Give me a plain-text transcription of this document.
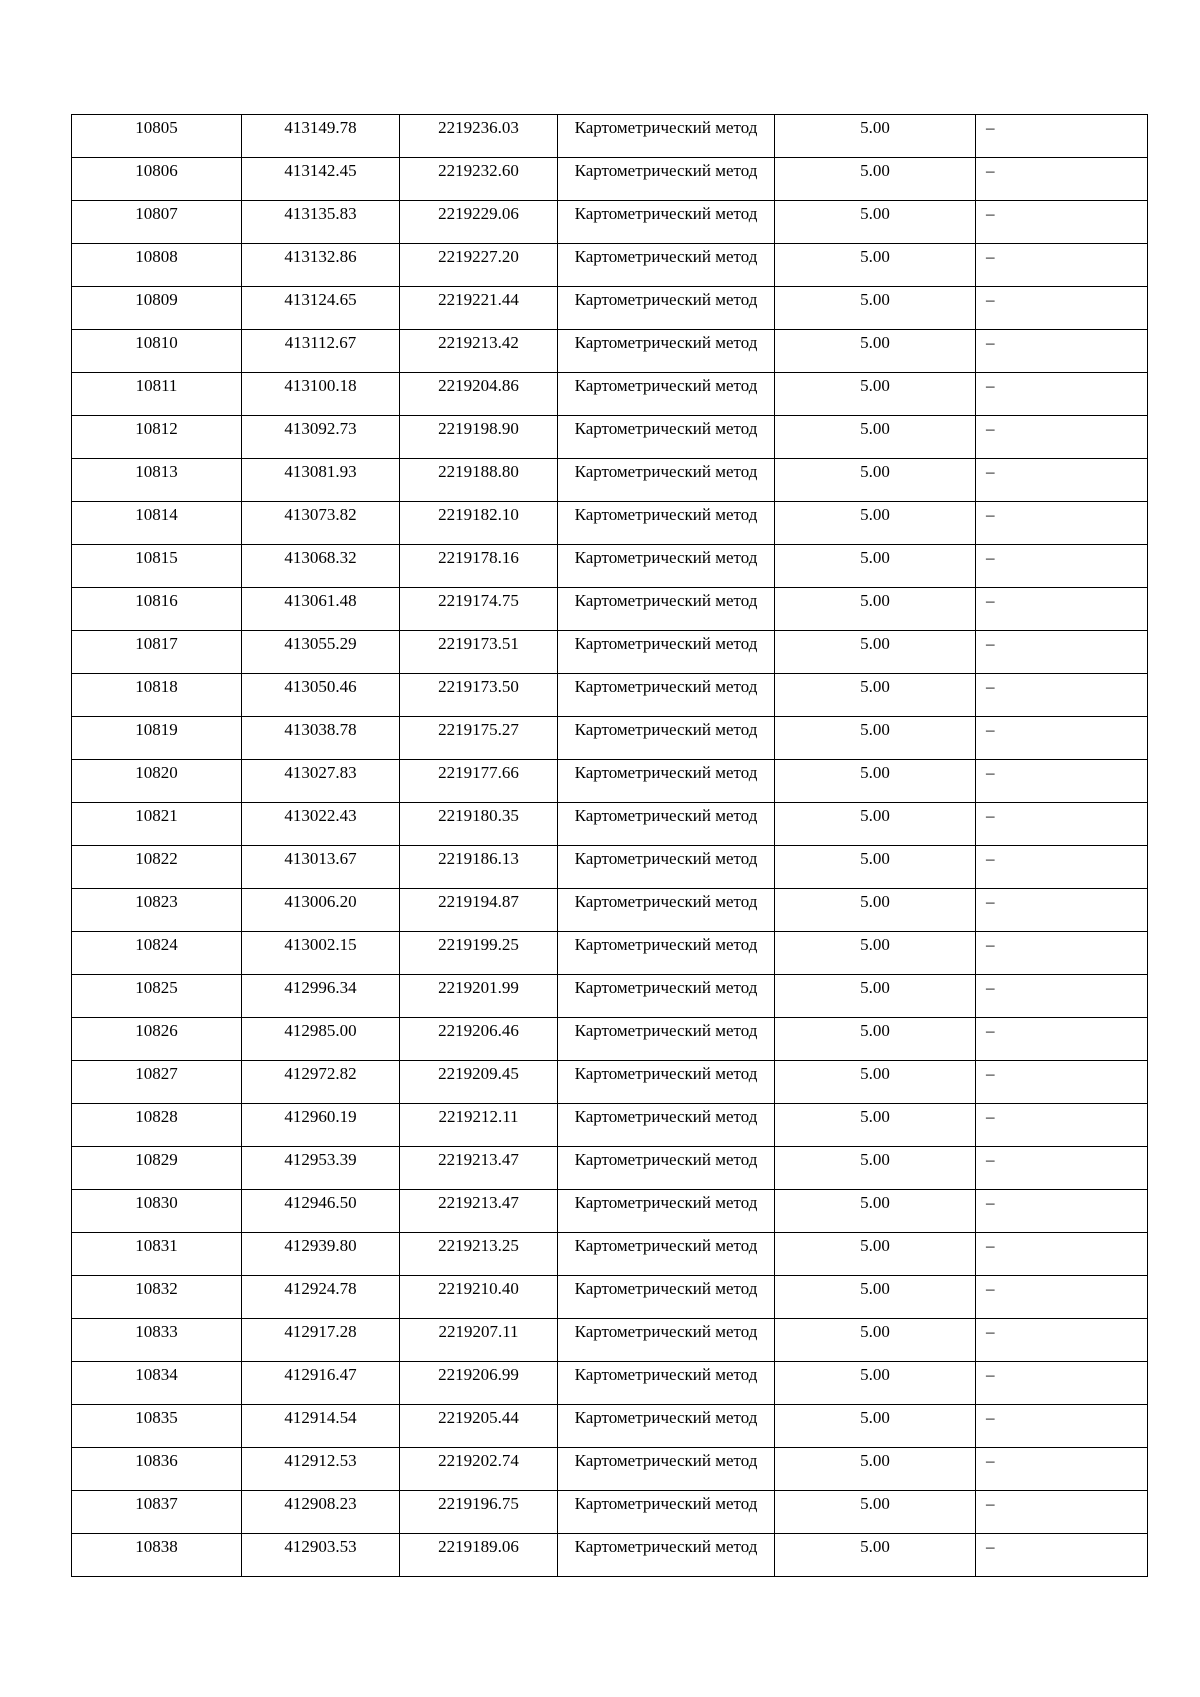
10805	413149.78	2219236.03	Картометрический метод	5.00	–

10806	413142.45	2219232.60	Картометрический метод	5.00	–

10807	413135.83	2219229.06	Картометрический метод	5.00	–

10808	413132.86	2219227.20	Картометрический метод	5.00	–

10809	413124.65	2219221.44	Картометрический метод	5.00	–

10810	413112.67	2219213.42	Картометрический метод	5.00	–

10811	413100.18	2219204.86	Картометрический метод	5.00	–

10812	413092.73	2219198.90	Картометрический метод	5.00	–

10813	413081.93	2219188.80	Картометрический метод	5.00	–

10814	413073.82	2219182.10	Картометрический метод	5.00	–

10815	413068.32	2219178.16	Картометрический метод	5.00	–

10816	413061.48	2219174.75	Картометрический метод	5.00	–

10817	413055.29	2219173.51	Картометрический метод	5.00	–

10818	413050.46	2219173.50	Картометрический метод	5.00	–

10819	413038.78	2219175.27	Картометрический метод	5.00	–

10820	413027.83	2219177.66	Картометрический метод	5.00	–

10821	413022.43	2219180.35	Картометрический метод	5.00	–

10822	413013.67	2219186.13	Картометрический метод	5.00	–

10823	413006.20	2219194.87	Картометрический метод	5.00	–

10824	413002.15	2219199.25	Картометрический метод	5.00	–

10825	412996.34	2219201.99	Картометрический метод	5.00	–

10826	412985.00	2219206.46	Картометрический метод	5.00	–

10827	412972.82	2219209.45	Картометрический метод	5.00	–

10828	412960.19	2219212.11	Картометрический метод	5.00	–

10829	412953.39	2219213.47	Картометрический метод	5.00	–

10830	412946.50	2219213.47	Картометрический метод	5.00	–

10831	412939.80	2219213.25	Картометрический метод	5.00	–

10832	412924.78	2219210.40	Картометрический метод	5.00	–

10833	412917.28	2219207.11	Картометрический метод	5.00	–

10834	412916.47	2219206.99	Картометрический метод	5.00	–

10835	412914.54	2219205.44	Картометрический метод	5.00	–

10836	412912.53	2219202.74	Картометрический метод	5.00	–

10837	412908.23	2219196.75	Картометрический метод	5.00	–

10838	412903.53	2219189.06	Картометрический метод	5.00	–
